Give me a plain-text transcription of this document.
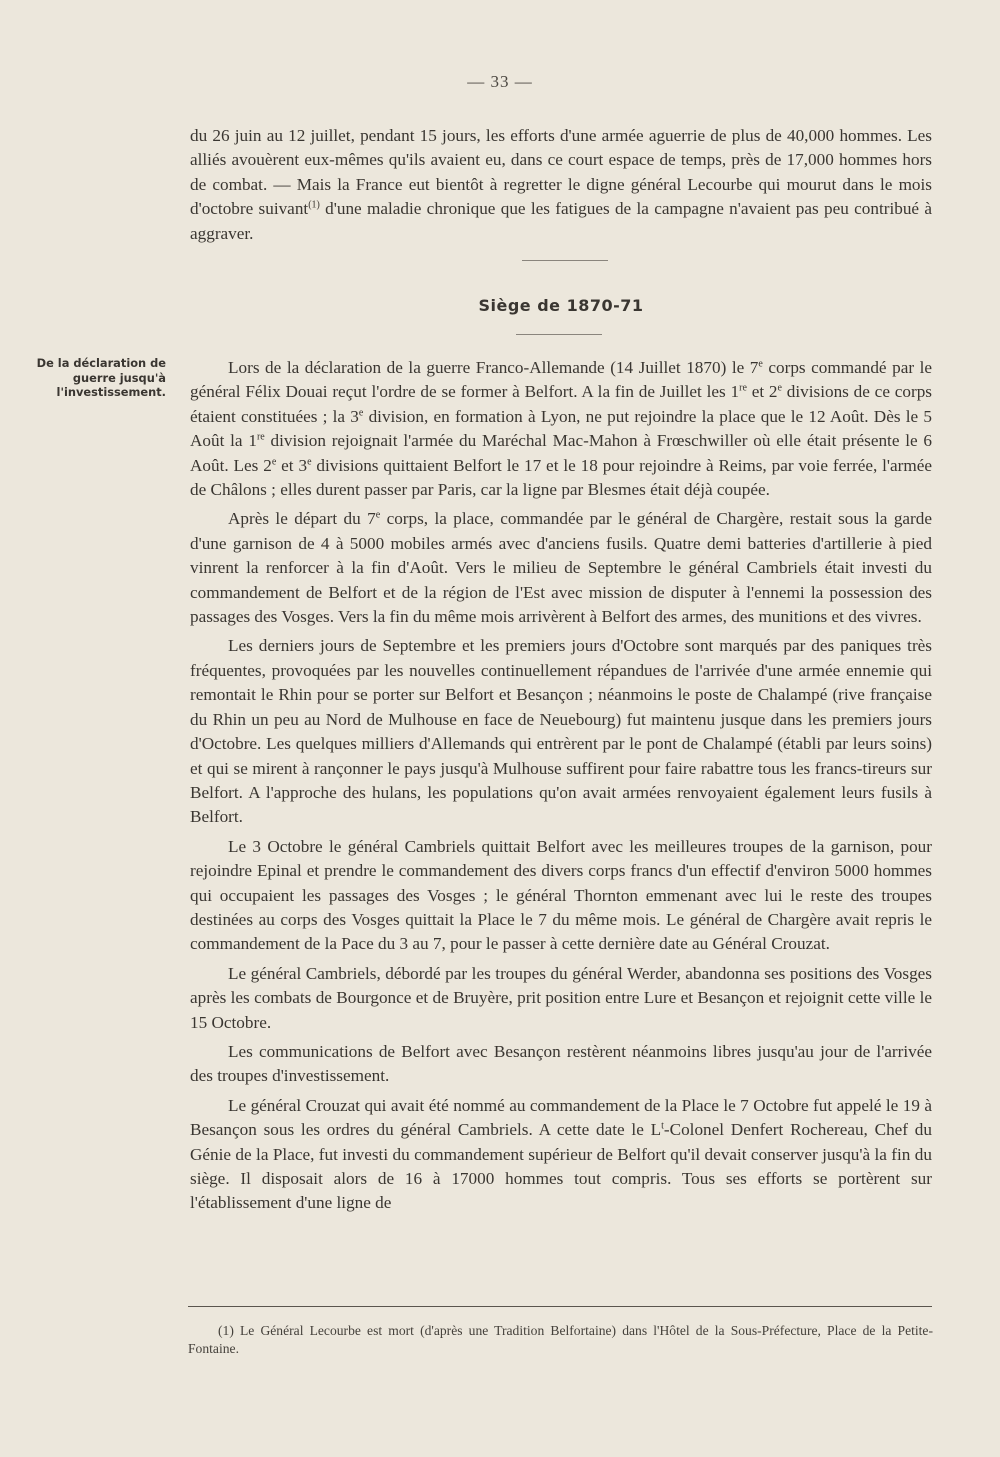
— 33 —

du 26 juin au 12 juillet, pendant 15 jours, les efforts d'une armée aguerrie de plus de 40,000 hommes. Les alliés avouèrent eux-mêmes qu'ils avaient eu, dans ce court espace de temps, près de 17,000 hommes hors de combat. — Mais la France eut bientôt à regretter le digne général Lecourbe qui mourut dans le mois d'octobre suivant$^{(1)}$ d'une maladie chronique que les fatigues de la campagne n'avaient pas peu contribué à aggraver.

Siège de 1870-71
De la déclaration de guerre jusqu'à l'investissement.

Lors de la déclaration de la guerre Franco-Allemande (14 Juillet 1870) le 7e corps commandé par le général Félix Douai reçut l'ordre de se former à Belfort. A la fin de Juillet les 1re et 2e divisions de ce corps étaient constituées ; la 3e division, en formation à Lyon, ne put rejoindre la place que le 12 Août. Dès le 5 Août la 1re division rejoignait l'armée du Maréchal Mac-Mahon à Frœschwiller où elle était présente le 6 Août. Les 2e et 3e divisions quittaient Belfort le 17 et le 18 pour rejoindre à Reims, par voie ferrée, l'armée de Châlons ; elles durent passer par Paris, car la ligne par Blesmes était déjà coupée.

Après le départ du 7e corps, la place, commandée par le général de Chargère, restait sous la garde d'une garnison de 4 à 5000 mobiles armés avec d'anciens fusils. Quatre demi batteries d'artillerie à pied vinrent la renforcer à la fin d'Août. Vers le milieu de Septembre le général Cambriels était investi du commandement de Belfort et de la région de l'Est avec mission de disputer à l'ennemi la possession des passages des Vosges. Vers la fin du même mois arrivèrent à Belfort des armes, des munitions et des vivres.

Les derniers jours de Septembre et les premiers jours d'Octobre sont marqués par des paniques très fréquentes, provoquées par les nouvelles continuellement répandues de l'arrivée d'une armée ennemie qui remontait le Rhin pour se porter sur Belfort et Besançon ; néanmoins le poste de Chalampé (rive française du Rhin un peu au Nord de Mulhouse en face de Neuebourg) fut maintenu jusque dans les premiers jours d'Octobre. Les quelques milliers d'Allemands qui entrèrent par le pont de Chalampé (établi par leurs soins) et qui se mirent à rançonner le pays jusqu'à Mulhouse suffirent pour faire rabattre tous les francs-tireurs sur Belfort. A l'approche des hulans, les populations qu'on avait armées renvoyaient également leurs fusils à Belfort.

Le 3 Octobre le général Cambriels quittait Belfort avec les meilleures troupes de la garnison, pour rejoindre Epinal et prendre le commandement des divers corps francs d'un effectif d'environ 5000 hommes qui occupaient les passages des Vosges ; le général Thornton emmenant avec lui le reste des troupes destinées au corps des Vosges quittait la Place le 7 du même mois. Le général de Chargère avait repris le commandement de la Pace du 3 au 7, pour le passer à cette dernière date au Général Crouzat.

Le général Cambriels, débordé par les troupes du général Werder, abandonna ses positions des Vosges après les combats de Bourgonce et de Bruyère, prit position entre Lure et Besançon et rejoignit cette ville le 15 Octobre.

Les communications de Belfort avec Besançon restèrent néanmoins libres jusqu'au jour de l'arrivée des troupes d'investissement.

Le général Crouzat qui avait été nommé au commandement de la Place le 7 Octobre fut appelé le 19 à Besançon sous les ordres du général Cambriels. A cette date le $L^t$-Colonel Denfert Rochereau, Chef du Génie de la Place, fut investi du commandement supérieur de Belfort qu'il devait conserver jusqu'à la fin du siège. Il disposait alors de 16 à 17000 hommes tout compris. Tous ses efforts se portèrent sur l'établissement d'une ligne de

(1) Le Général Lecourbe est mort (d'après une Tradition Belfortaine) dans l'Hôtel de la Sous-Préfecture, Place de la Petite-Fontaine.
